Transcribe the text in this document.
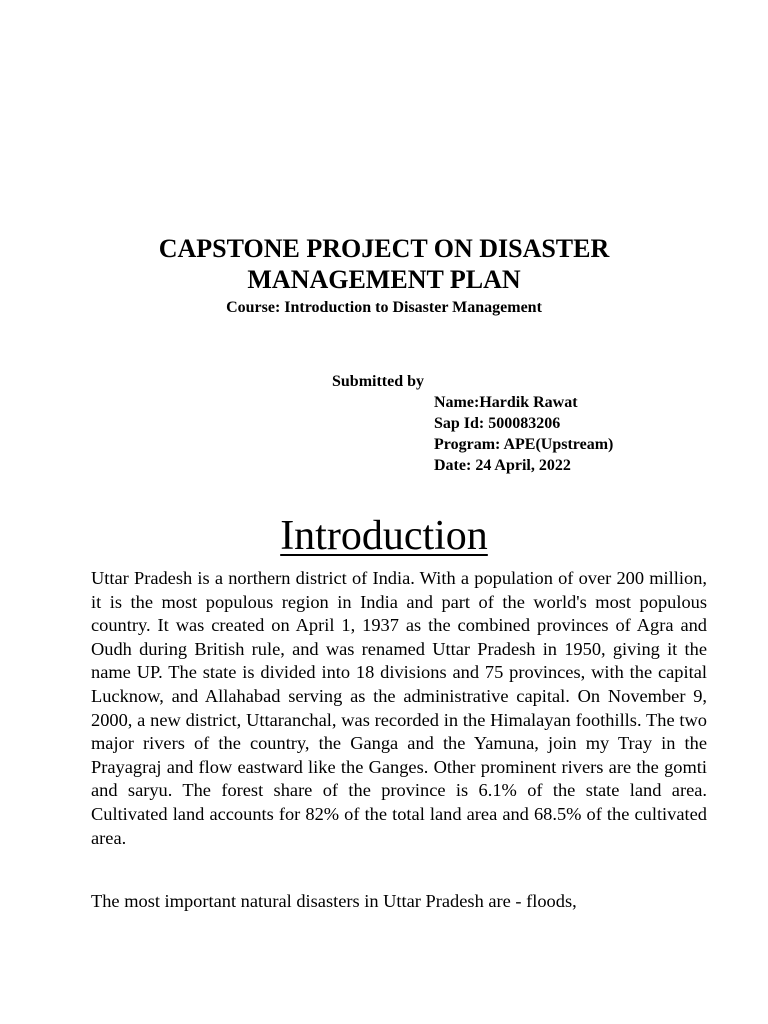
CAPSTONE PROJECT ON DISASTER
MANAGEMENT PLAN
Course: Introduction to Disaster Management
Submitted by
Name:Hardik Rawat
Sap Id: 500083206
Program: APE(Upstream)
Date: 24 April, 2022
Introduction

Uttar Pradesh is a northern district of India. With a population of over 200 million, it is the most populous region in India and part of the world's most populous country. It was created on April 1, 1937 as the combined provinces of Agra and Oudh during British rule, and was renamed Uttar Pradesh in 1950, giving it the name UP. The state is divided into 18 divisions and 75 provinces, with the capital Lucknow, and Allahabad serving as the administrative capital. On November 9, 2000, a new district, Uttaranchal, was recorded in the Himalayan foothills. The two major rivers of the country, the Ganga and the Yamuna, join my Tray in the Prayagraj and flow eastward like the Ganges. Other prominent rivers are the gomti and saryu. The forest share of the province is 6.1% of the state land area. Cultivated land accounts for 82% of the total land area and 68.5% of the cultivated area.

The most important natural disasters in Uttar Pradesh are - floods,
